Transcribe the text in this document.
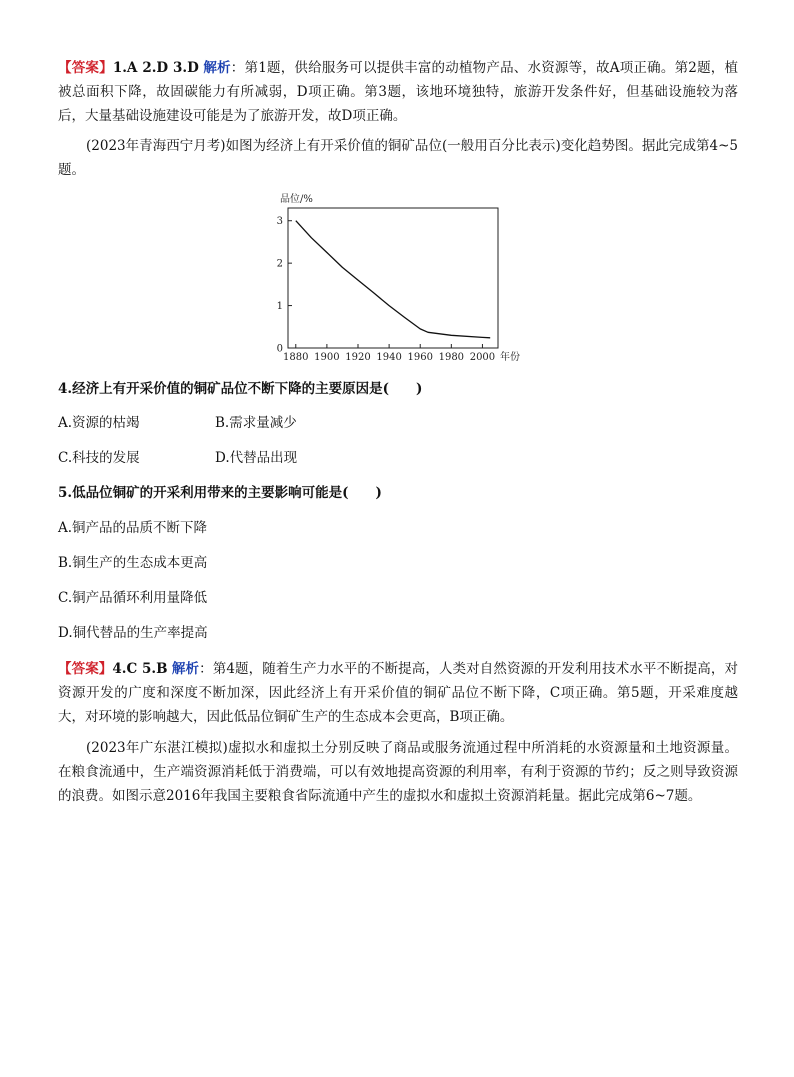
【答案】1.A 2.D 3.D 解析：第1题，供给服务可以提供丰富的动植物产品、水资源等，故A项正确。第2题，植被总面积下降，故固碳能力有所减弱，D项正确。第3题，该地环境独特，旅游开发条件好，但基础设施较为落后，大量基础设施建设可能是为了旅游开发，故D项正确。
(2023年青海西宁月考)如图为经济上有开采价值的铜矿品位(一般用百分比表示)变化趋势图。据此完成第4~5题。
0
1
2
3
1880 1900 1920 1940 1960 1980 2000
品位/%
年份
4.经济上有开采价值的铜矿品位不断下降的主要原因是(　　)
A.资源的枯竭	B.需求量减少
C.科技的发展	D.代替品出现
5.低品位铜矿的开采利用带来的主要影响可能是(　　)
A.铜产品的品质不断下降
B.铜生产的生态成本更高
C.铜产品循环利用量降低
D.铜代替品的生产率提高
【答案】4.C 5.B 解析：第4题，随着生产力水平的不断提高，人类对自然资源的开发利用技术水平不断提高，对资源开发的广度和深度不断加深，因此经济上有开采价值的铜矿品位不断下降，C项正确。第5题，开采难度越大，对环境的影响越大，因此低品位铜矿生产的生态成本会更高，B项正确。
(2023年广东湛江模拟)虚拟水和虚拟土分别反映了商品或服务流通过程中所消耗的水资源量和土地资源量。在粮食流通中，生产端资源消耗低于消费端，可以有效地提高资源的利用率，有利于资源的节约；反之则导致资源的浪费。如图示意2016年我国主要粮食省际流通中产生的虚拟水和虚拟土资源消耗量。据此完成第6~7题。
